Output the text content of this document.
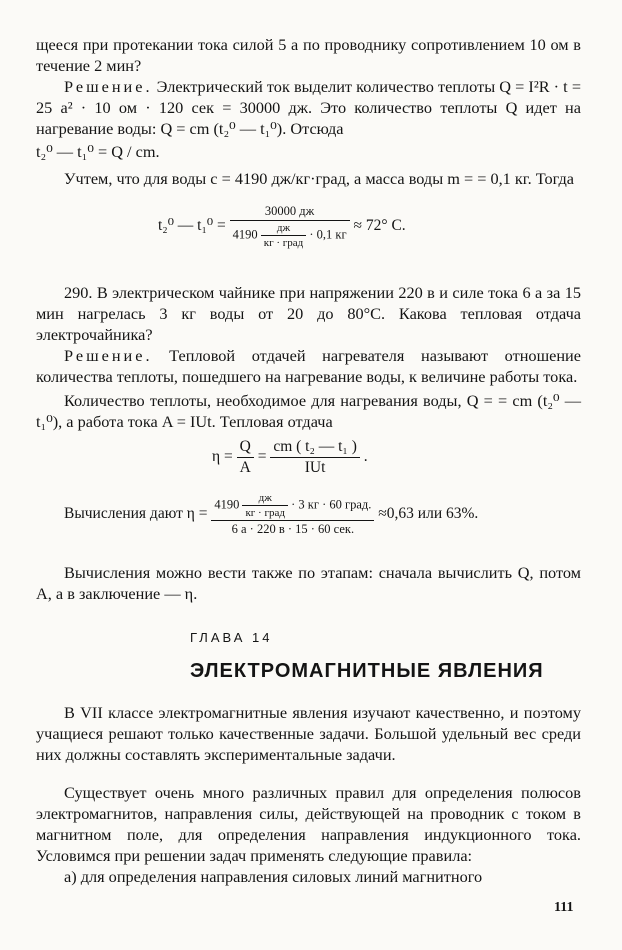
щееся при протекании тока силой 5 а по проводнику сопротивлением 10 ом в течение 2 мин?

Решение. Электрический ток выделит количество теплоты Q = I²R · t = 25 а² · 10 ом · 120 сек = 30000 дж. Это количество теплоты Q идет на нагревание воды: Q = cm (t₂⁰ — t₁⁰). Отсюда

t₂⁰ — t₁⁰ = Q / cm.

Учтем, что для воды c = 4190 дж/кг·град, а масса воды m = = 0,1 кг. Тогда

t₂⁰ — t₁⁰ =
30000 дж
$4190 \frac{дж}{\text{кг · град}} \cdot 0,1$ кг
≈ 72° С.

290. В электрическом чайнике при напряжении 220 в и силе тока 6 а за 15 мин нагрелась 3 кг воды от 20 до 80°С. Какова тепловая отдача электрочайника?

Решение. Тепловой отдачей нагревателя называют отношение количества теплоты, пошедшего на нагревание воды, к величине работы тока.

Количество теплоты, необходимое для нагревания воды, Q = = cm (t₂⁰ — t₁⁰), а работа тока A = IUt. Тепловая отдача

$\eta = \frac{Q}{A} = \frac{\text{cm ( t₂ — t₁ )}}{\text{IUt}}$ .
Вычисления дают η =
$4190 \frac{дж}{\text{кг · град}} \cdot 3$ кг · 60 град.
6 а · 220 в · 15 · 60 сек.
≈0,63 или 63%.

Вычисления можно вести также по этапам: сначала вычислить Q, потом A, а в заключение — η.

ГЛАВА 14
ЭЛЕКТРОМАГНИТНЫЕ ЯВЛЕНИЯ

В VII классе электромагнитные явления изучают качественно, и поэтому учащиеся решают только качественные задачи. Большой удельный вес среди них должны составлять экспериментальные задачи.

Существует очень много различных правил для определения полюсов электромагнитов, направления силы, действующей на проводник с током в магнитном поле, для определения направления индукционного тока. Условимся при решении задач применять следующие правила:

а) для определения направления силовых линий магнитного

111
